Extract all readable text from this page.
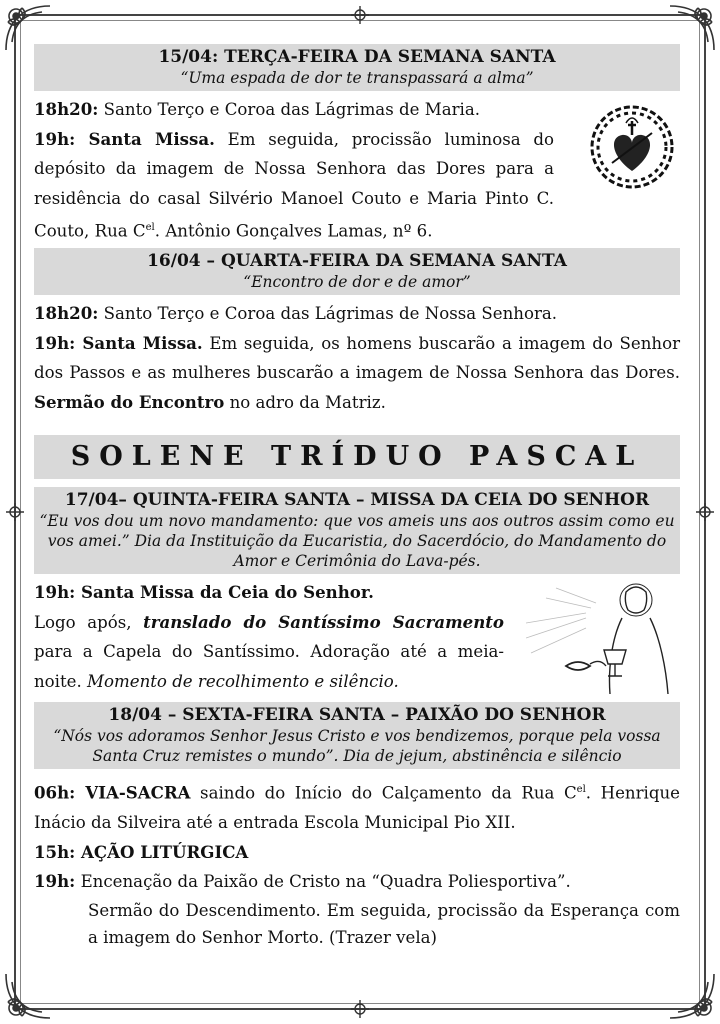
15/04: TERÇA-FEIRA DA SEMANA SANTA
“Uma espada de dor te transpassará a alma”

18h20: Santo Terço e Coroa das Lágrimas de Maria.

19h: Santa Missa. Em seguida, procissão luminosa do depósito da imagem de Nossa Senhora das Dores para a residência do casal Silvério Manoel Couto e Maria Pinto C. Couto, Rua $C^{el}$. Antônio Gonçalves Lamas, nº 6.

16/04 – QUARTA-FEIRA DA SEMANA SANTA
“Encontro de dor e de amor”

18h20: Santo Terço e Coroa das Lágrimas de Nossa Senhora.

19h: Santa Missa. Em seguida, os homens buscarão a imagem do Senhor dos Passos e as mulheres buscarão a imagem de Nossa Senhora das Dores. Sermão do Encontro no adro da Matriz.

SOLENE TRÍDUO PASCAL
17/04– QUINTA-FEIRA SANTA – MISSA DA CEIA DO SENHOR
“Eu vos dou um novo mandamento: que vos ameis uns aos outros assim como eu vos amei.” Dia da Instituição da Eucaristia, do Sacerdócio, do Mandamento do Amor e Cerimônia do Lava-pés.

19h: Santa Missa da Ceia do Senhor.

Logo após, translado do Santíssimo Sacramento para a Capela do Santíssimo. Adoração até a meia-noite. Momento de recolhimento e silêncio.

18/04 – SEXTA-FEIRA SANTA – PAIXÃO DO SENHOR
“Nós vos adoramos Senhor Jesus Cristo e vos bendizemos, porque pela vossa Santa Cruz remistes o mundo”. Dia de jejum, abstinência e silêncio

06h: VIA-SACRA saindo do Início do Calçamento da Rua $C^{el}$. Henrique Inácio da Silveira até a entrada Escola Municipal Pio XII.

15h: AÇÃO LITÚRGICA

19h: Encenação da Paixão de Cristo na “Quadra Poliesportiva”.

Sermão do Descendimento. Em seguida, procissão da Esperança com a imagem do Senhor Morto. (Trazer vela)
